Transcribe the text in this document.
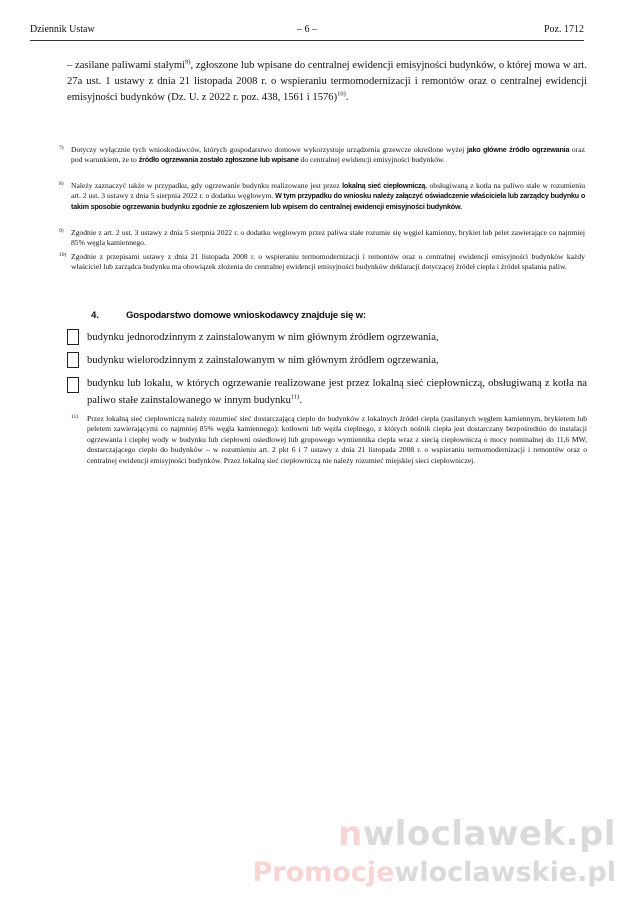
Dziennik Ustaw	– 6 –	Poz. 1712
– zasilane paliwami stałymi$^{9)}$, zgłoszone lub wpisane do centralnej ewidencji emisyjności budynków, o której mowa w art. 27a ust. 1 ustawy z dnia 21 listopada 2008 r. o wspieraniu termomodernizacji i remontów oraz o centralnej ewidencji emisyjności budynków (Dz. U. z 2022 r. poz. 438, 1561 i 1576)$^{10)}$.
7) Dotyczy wyłącznie tych wnioskodawców, których gospodarstwo domowe wykorzystuje urządzenia grzewcze określone wyżej jako główne źródło ogrzewania oraz pod warunkiem, że to źródło ogrzewania zostało zgłoszone lub wpisane do centralnej ewidencji emisyjności budynków.
8) Należy zaznaczyć także w przypadku, gdy ogrzewanie budynku realizowane jest przez lokalną sieć ciepłowniczą, obsługiwaną z kotła na paliwo stałe w rozumieniu art. 2 ust. 3 ustawy z dnia 5 sierpnia 2022 r. o dodatku węglowym. W tym przypadku do wniosku należy załączyć oświadczenie właściciela lub zarządcy budynku o takim sposobie ogrzewania budynku zgodnie ze zgłoszeniem lub wpisem do centralnej ewidencji emisyjności budynków.
9) Zgodnie z art. 2 ust. 3 ustawy z dnia 5 sierpnia 2022 r. o dodatku węglowym przez paliwa stałe rozumie się węgiel kamienny, brykiet lub pelet zawierające co najmniej 85% węgla kamiennego.
10) Zgodnie z przepisami ustawy z dnia 21 listopada 2008 r. o wspieraniu termomodernizacji i remontów oraz o centralnej ewidencji emisyjności budynków każdy właściciel lub zarządca budynku ma obowiązek złożenia do centralnej ewidencji emisyjności budynków deklaracji dotyczącej źródeł ciepła i źródeł spalania paliw.
4.	Gospodarstwo domowe wnioskodawcy znajduje się w:
budynku jednorodzinnym z zainstalowanym w nim głównym źródłem ogrzewania,
budynku wielorodzinnym z zainstalowanym w nim głównym źródłem ogrzewania,
budynku lub lokalu, w których ogrzewanie realizowane jest przez lokalną sieć ciepłowniczą, obsługiwaną z kotła na paliwo stałe zainstalowanego w innym budynku$^{11)}$.
11) Przez lokalną sieć ciepłowniczą należy rozumieć sieć dostarczającą ciepło do budynków z lokalnych źródeł ciepła (zasilanych węglem kamiennym, brykietem lub peletem zawierającymi co najmniej 85% węgla kamiennego): kotłowni lub węzła cieplnego, z których nośnik ciepła jest dostarczany bezpośrednio do instalacji ogrzewania i ciepłej wody w budynku lub ciepłowni osiedlowej lub grupowego wymiennika ciepła wraz z siecią ciepłowniczą o mocy nominalnej do 11,6 MW, dostarczającego ciepło do budynków – w rozumieniu art. 2 pkt 6 i 7 ustawy z dnia 21 listopada 2008 r. o wspieraniu termomodernizacji i remontów oraz o centralnej ewidencji emisyjności budynków. Przez lokalną sieć ciepłowniczą nie należy rozumieć miejskiej sieci ciepłowniczej.
nwloclawek.pl
Promocjewloclawskie.pl
